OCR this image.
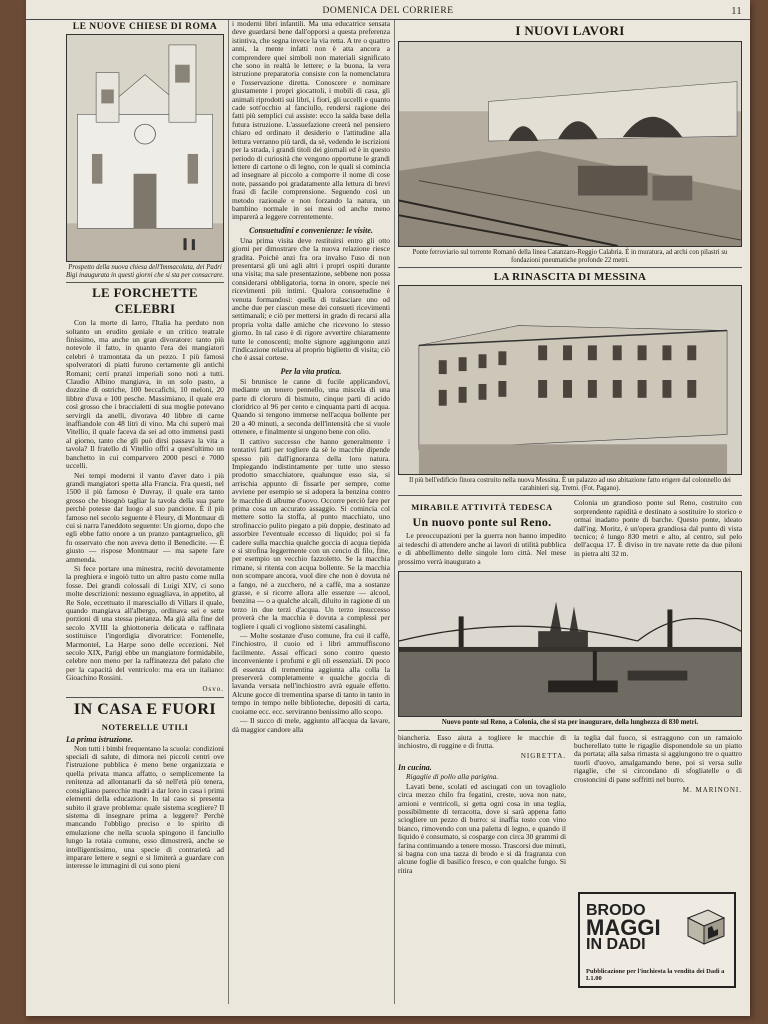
DOMENICA DEL CORRIERE	11
LE NUOVE CHIESE DI ROMA
Prospetto della nuova chiesa dell'Immacolata, dei Padri Bigi inaugurata in questi giorni che si sta per consacrare.
LE FORCHETTE CELEBRI

Con la morte di Iarro, l'Italia ha perduto non soltanto un erudito geniale e un critico teatrale finissimo, ma anche un gran divoratore: tanto più notevole il fatto, in quanto l'era dei mangiatori celebri è tramontata da un pezzo. I più famosi spolveratori di piatti furono certamente gli antichi Romani; certi pranzi imperiali sono noti a tutti. Claudio Albino mangiava, in un solo pasto, a dozzine di ostriche, 100 beccafichi, 10 meloni, 20 libbre d'uva e 100 pesche. Massimiano, il quale era così grosso che i braccialetti di sua moglie potevano servirgli da anelli, divorava 40 libbre di carne inaffiandole con 48 litri di vino. Ma chi superò mai Vitellio, il quale faceva da sei ad otto immensi pasti al giorno, tanto che gli può dirsi passava la vita a tavola? Il fratello di Vitellio offrì a quest'ultimo un banchetto in cui comparvero 2000 pesci e 7000 uccelli.

Nei tempi moderni il vanto d'aver dato i più grandi mangiatori spetta alla Francia. Fra questi, nel 1500 il più famoso è Duvray, il quale era tanto grosso che bisognò tagliar la tavola della sua parte perchè potesse dar luogo al suo pancione. È il più famoso nel secolo seguente è Fleury, di Montmaur di cui si narra l'aneddoto seguente: Un giorno, dopo che egli ebbe fatto onore a un pranzo pantagruelico, gli fu osservato che non aveva detto il Benedicite. — È giusto — rispose Montmaur — ma sapete fare ammenda.

Si fece portare una minestra, recitò devotamente la preghiera e ingoiò tutto un altro pasto come nulla fosse. Dei grandi colossali di Luigi XIV, ci sono molte descrizioni: nessuno eguagliava, in appetito, al Re Sole, eccettuato il maresciallo di Villars il quale, quando mangiava all'albergo, ordinava sei e sette porzioni di una stessa pietanza. Ma già alla fine del secolo XVIII la ghiottoneria delicata e raffinata sostituisce l'ingordigia divoratrice: Fontenelle, Marmontel, La Harpe sono delle eccezioni. Nel secolo XIX, Parigi ebbe un mangiatore formidabile, celebre non meno per la raffinatezza del palato che per la capacità del ventricolo: ma era un italiano: Gioachino Rossini.

Osvo.
IN CASA E FUORI
NOTERELLE UTILI
La prima istruzione.

Non tutti i bimbi frequentano la scuola: condizioni speciali di salute, di dimora nei piccoli centri ove l'istruzione pubblica è meno bene organizzata e quella privata manca affatto, o semplicemente la renitenza ad allontanarli da sè nell'età più tenera, consigliano parecchie madri a dar loro in casa i primi elementi della educazione. In tal caso si presenta subito il grave problema: quale sistema scegliere? Il sistema di insegnare prima a leggere? Perchè mancando l'obbligo preciso e lo spirito di emulazione che nella scuola spingono il fanciullo lungo la rotaia comune, esso dimostrerà, anche se intelligentissimo, una specie di contrarietà ad imparare lettere e segni e si limiterà a guardare con interesse le immagini di cui sono pieni

i moderni libri infantili. Ma una educatrice sensata deve guardarsi bene dall'opporsi a questa preferenza istintiva, che segna invece la via retta. A tre o quattro anni, la mente infatti non è atta ancora a comprendere quei simboli non materiali significato che sono in realtà le lettere; e la buona, la vera istruzione preparatoria consiste con la nomenclatura e l'osservazione diretta. Conoscere e nominare giustamente i propri giocattoli, i mobili di casa, gli animali riprodotti sui libri, i fiori, gli uccelli e quanto cade sott'occhio al fanciullo, rendersi ragione dei fatti più semplici cui assiste: ecco la salda base della futura istruzione. L'assuefazione creerà nel pensiero chiaro ed ordinato il desiderio e l'attitudine alla lettura verranno più tardi, da sè, vedendo le iscrizioni per la strada, i grandi titoli dei giornali ed è in questo periodo di curiosità che vengono opportune le grandi lettere di cartone o di legno, con le quali si comincia ad insegnare al piccolo a comporre il nome di cose note, passando poi gradatamente alla lettura di brevi frasi di facile comprensione. Seguendo così un metodo razionale e non forzando la natura, un bambino normale in sei mesi od anche meno imparerà a leggere correntemente.

Consuetudini e convenienze: le visite.

Una prima visita deve restituirsi entro gli otto giorni per dimostrare che la nuova relazione riesce gradita. Poichè anzi fra ora invalso l'uso di non presentarsi gli uni agli altri i propri ospiti durante una visita; ma sale presentazione, sebbene non possa considerarsi obbligatoria, torna in onore, specie nei ricevimenti più intimi. Qualora consuetudine è venuta formandosi: quella di tralasciare uno od anche due per ciascun mese dei consueti ricevimenti settimanali; e ciò per mettersi in grado di recarsi alla propria volta dalle amiche che ricevono lo stesso giorno. In tal caso è di rigore avvertire chiaramente tutte le conoscenti; molte signore aggiungono anzi l'indicazione relativa al proprio biglietto di visita; ciò che è assai cortese.

Per la vita pratica.

Si brunisce le canne di fucile applicandovi, mediante un tenero pennello, una miscela di una parte di cloruro di bismuto, cinque parti di acido cloridrico al 96 per cento e cinquanta parti di acqua. Quando si tengono immerse nell'acqua bollente per 20 a 40 minuti, a seconda dell'intensità che si vuole ottenere, e finalmente si ungono bene con olio.

Il cattivo successo che hanno generalmente i tentativi fatti per togliere da sè le macchie dipende spesso più dall'ignoranza della loro natura. Impiegando indistintamente per tutte uno stesso prodotto smacchiatore, qualunque esso sia, si arrischia appunto di fissarle per sempre, come avviene per esempio se si adopera la benzina contro le macchie di albume d'uovo. Occorre perciò fare per prima cosa un accurato assaggio. Si comincia col mettere sotto la stoffa, al punto macchiato, uno strofinaccio pulito piegato a più doppie, destinato ad assorbire l'eventuale eccesso di liquido; poi si fa cadere sulla macchia qualche goccia di acqua tiepida e si strofina leggermente con un cencio di filo, fine, per esempio un vecchio fazzoletto. Se la macchia rimane, si ritenta con acqua bollente. Se la macchia non scompare ancora, vuol dire che non è dovuta né a fango, né a zucchero, né a caffè, ma a sostanze grasse, e si ricorre allora alle essenze — alcool, benzina — o a qualche alcali, diluito in ragione di un terzo in due terzi d'acqua. Un terzo insuccesso proverà che la macchia è dovuta a complessi per togliere i quali ci vogliono sistemi casalinghi.

— Molte sostanze d'uso comune, fra cui il caffè, l'inchiostro, il cuoio ed i libri ammuffiscono facilmente. Assai efficaci sono contro questo inconveniente i profumi e gli oli essenziali. Di poco di essenza di trementina aggiunta alla colla la preserverà completamente e qualche goccia di lavanda versata nell'inchiostro avrà eguale effetto. Alcune gocce di trementina sparse di tanto in tanto in tempo in tempo nelle biblioteche, depositi di carta, cuoiame ecc. ecc. serviranno benissimo allo scopo.

— Il succo di mele, aggiunto all'acqua da lavare, dà maggior candore alla

I NUOVI LAVORI
Ponte ferroviario sul torrente Romanò della linea Catanzaro-Reggio Calabria. È in muratura, ad archi con pilastri su fondazioni pneumatiche profonde 22 metri.
LA RINASCITA DI MESSINA
Il più bell'edificio finora costruito nella nuova Messina. È un palazzo ad uso abitazione fatto erigere dal colonnello dei carabinieri sig. Tremi. (Fot. Pagano).
MIRABILE ATTIVITÀ TEDESCA
Un nuovo ponte sul Reno.

Le preoccupazioni per la guerra non hanno impedito ai tedeschi di attendere anche ai lavori di utilità pubblica e di abbellimento delle singole loro città. Nel mese prossimo verrà inaugurato a

Colonia un grandioso ponte sul Reno, costruito con sorprendente rapidità e destinato a sostituire lo storico e ormai inadatto ponte di barche. Questo ponte, ideato dall'ing. Moritz, è un'opera grandiosa dal punto di vista tecnico; è lungo 830 metri e alto, al centro, sul pelo dell'acqua 17. È diviso in tre navate rette da due piloni in pietra alti 32 m.

Nuovo ponte sul Reno, a Colonia, che si sta per inaugurare, della lunghezza di 830 metri.

biancheria. Esso aiuta a togliere le macchie di inchiostro, di ruggine e di frutta.

NIGRETTA.
In cucina.

Rigaglie di pollo alla parigina.

Lavati bene, scolati ed asciugati con un tovagliolo circa mezzo chilo fra fegatini, creste, uova non nate, arnioni e ventricoli, si getta ogni cosa in una teglia, possibilmente di terracotta, dove si sarà appena fatto sciogliere un pezzo di burro: si inaffia tosto con vino bianco, rimovendo con una paletta di legno, e quando il liquido è consumato, si cosparge con circa 30 grammi di farina continuando a tenere mosso. Trascorsi due minuti, si bagna con una tazza di brodo e si dà fragranza con alcune foglie di basilico fresco, e con qualche fungo. Si ritira

la teglia dal fuoco, si estraggono con un ramaiolo bucherellato tutte le rigaglie disponendole su un piatto da portata; alla salsa rimasta si aggiungono tre o quattro tuorli d'uovo, amalgamando bene, poi si versa sulle rigaglie, che si circondano di sfogliatelle o di crostoncini di pane soffritti nel burro.

M. MARINONI.
BRODO
MAGGI
IN DADI
Pubblicazione per l'inchiesta la vendita dei Dadi a L1.00
